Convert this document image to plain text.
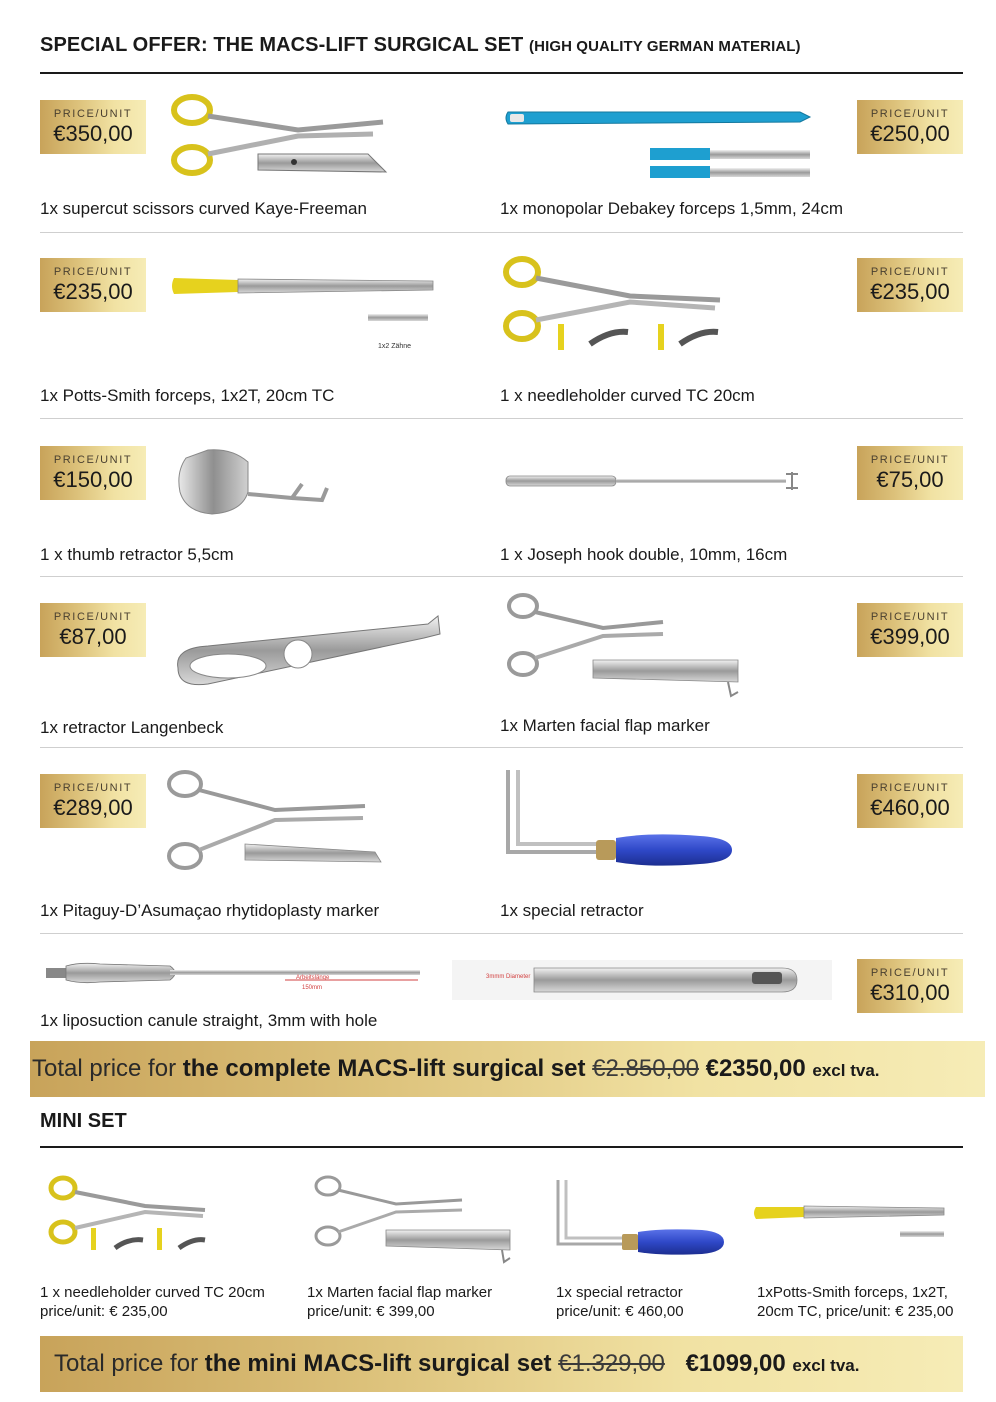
SPECIAL OFFER: THE MACS-LIFT SURGICAL SET (HIGH QUALITY GERMAN MATERIAL)
PRICE/UNIT
€350,00
1x supercut scissors curved Kaye-Freeman
PRICE/UNIT
€250,00
1x monopolar Debakey forceps 1,5mm, 24cm
PRICE/UNIT
€235,00
1x2 Zähne
1x Potts-Smith forceps, 1x2T, 20cm TC
PRICE/UNIT
€235,00
1 x needleholder curved TC 20cm
PRICE/UNIT
€150,00
1 x thumb retractor 5,5cm
PRICE/UNIT
€75,00
1 x Joseph hook double, 10mm, 16cm
PRICE/UNIT
€87,00
1x retractor Langenbeck
PRICE/UNIT
€399,00
1x Marten facial flap marker
PRICE/UNIT
€289,00
1x Pitaguy-D’Asumaçao rhytidoplasty marker
PRICE/UNIT
€460,00
1x special retractor
Arbeitslänge
150mm
3mmm Diameter	PRICE/UNIT
€310,00
1x liposuction canule straight, 3mm with hole
Total price for the complete MACS-lift surgical set €2.850,00 €2350,00 excl tva.
MINI SET
1 x needleholder curved TC 20cm
price/unit: € 235,00
1x Marten facial flap marker
price/unit: € 399,00
1x special retractor
price/unit: € 460,00
1xPotts-Smith forceps, 1x2T,
20cm TC, price/unit: € 235,00
Total price for the mini MACS-lift surgical set €1.329,00 €1099,00 excl tva.
